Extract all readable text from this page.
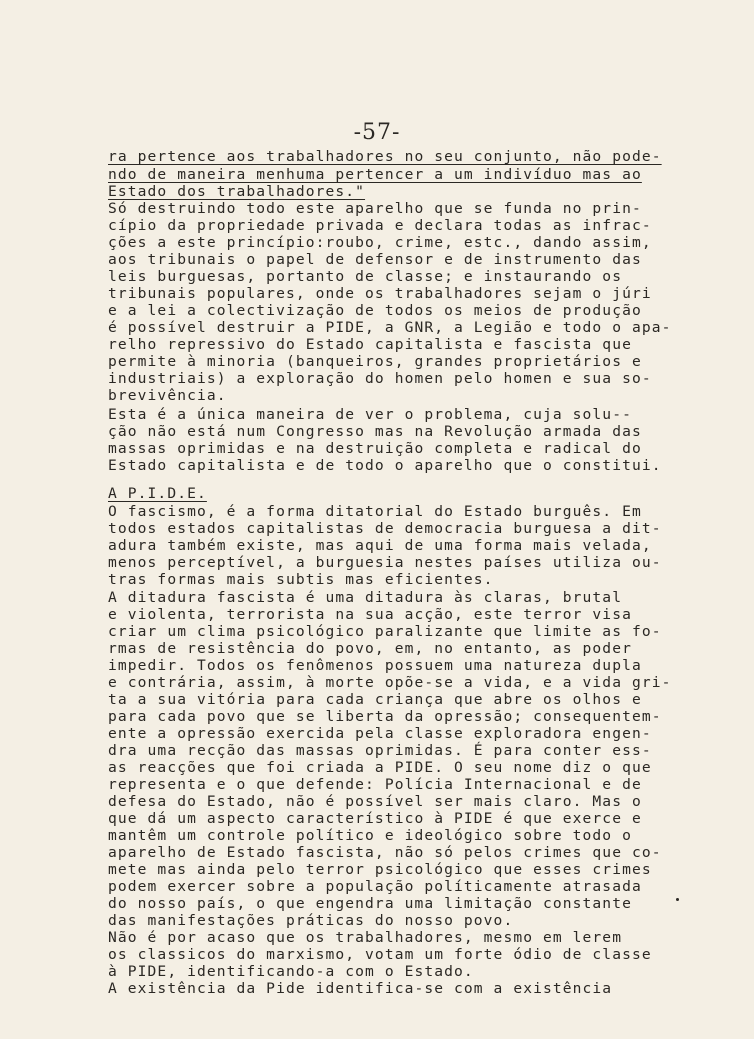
-57-
ra pertence aos trabalhadores no seu conjunto, não pode-
ndo de maneira menhuma pertencer a um indivíduo mas ao
Estado dos trabalhadores."
Só destruindo todo este aparelho que se funda no prin-
cípio da propriedade privada e declara todas as infrac-
ções a este princípio:roubo, crime, estc., dando assim,
aos tribunais o papel de defensor e de instrumento das
leis burguesas, portanto de classe; e instaurando os
tribunais populares, onde os trabalhadores sejam o júri
e a lei a colectivização de todos os meios de produção
é possível destruir a PIDE, a GNR, a Legião e todo o apa-
relho repressivo do Estado capitalista e fascista que
permite à minoria (banqueiros, grandes proprietários e
industriais) a exploração do homen pelo homen e sua so-
brevivência.
Esta é a única maneira de ver o problema, cuja solu--
ção não está num Congresso mas na Revolução armada das
massas oprimidas e na destruição completa e radical do
Estado capitalista e de todo o aparelho que o constitui.
A P.I.D.E.
O fascismo, é a forma ditatorial do Estado burguês. Em
todos estados capitalistas de democracia burguesa a dit-
adura também existe, mas aqui de uma forma mais velada,
menos perceptível, a burguesia nestes países utiliza ou-
tras formas mais subtis mas eficientes.
A ditadura fascista é uma ditadura às claras, brutal
e violenta, terrorista na sua acção, este terror visa
criar um clima psicológico paralizante que limite as fo-
rmas de resistência do povo, em, no entanto, as poder
impedir. Todos os fenômenos possuem uma natureza dupla
e contrária, assim, à morte opõe-se a vida, e a vida gri-
ta a sua vitória para cada criança que abre os olhos e
para cada povo que se liberta da opressão; consequentem-
ente a opressão exercida pela classe exploradora engen-
dra uma recção das massas oprimidas. É para conter ess-
as reacções que foi criada a PIDE. O seu nome diz o que
representa e o que defende: Polícia Internacional e de
defesa do Estado, não é possível ser mais claro. Mas o
que dá um aspecto característico à PIDE é que exerce e
mantêm um controle político e ideológico sobre todo o
aparelho de Estado fascista, não só pelos crimes que co-
mete mas ainda pelo terror psicológico que esses crimes
podem exercer sobre a população políticamente atrasada
do nosso país, o que engendra uma limitação constante
das manifestações práticas do nosso povo.
Não é por acaso que os trabalhadores, mesmo em lerem
os classicos do marxismo, votam um forte ódio de classe
à PIDE, identificando-a com o Estado.
A existência da Pide identifica-se com a existência
